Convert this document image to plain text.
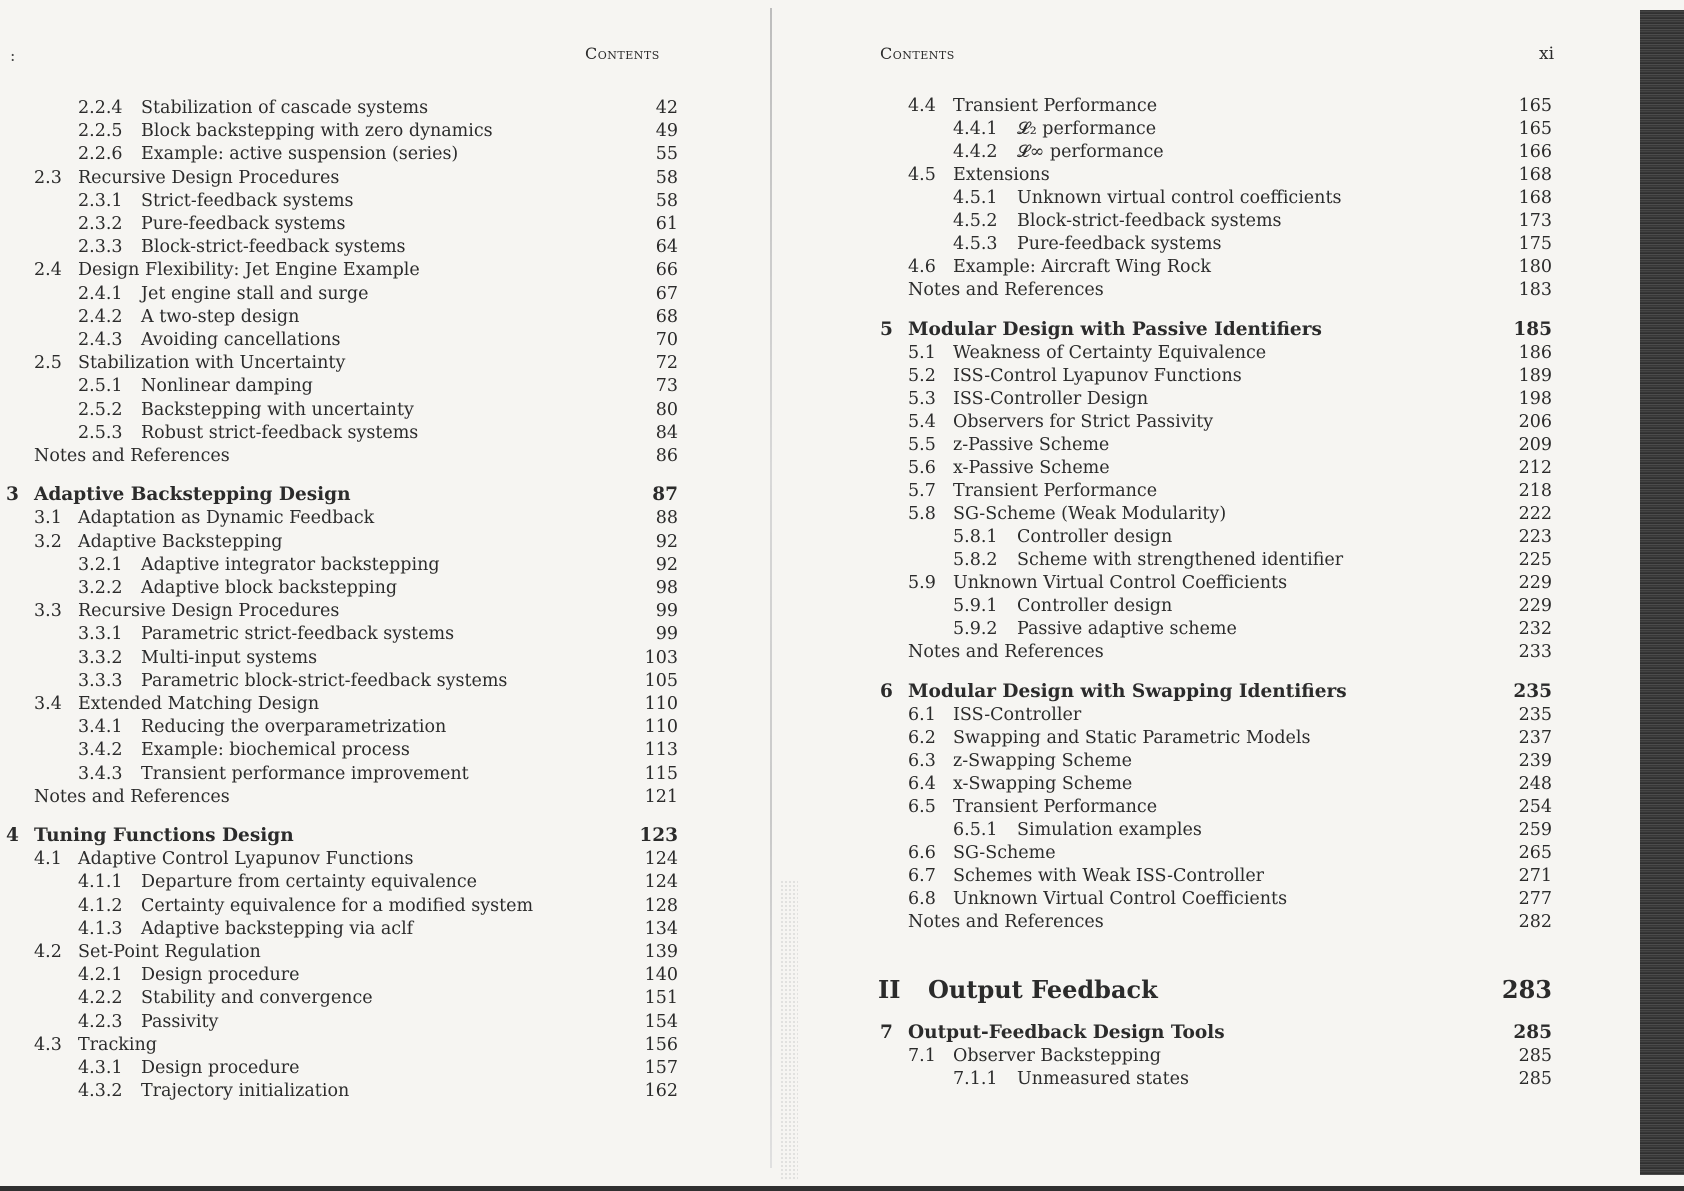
:	Contents
2.2.4 Stabilization of cascade systems	42
2.2.5 Block backstepping with zero dynamics	49
2.2.6 Example: active suspension (series)	55
2.3 Recursive Design Procedures	58
2.3.1 Strict-feedback systems	58
2.3.2 Pure-feedback systems	61
2.3.3 Block-strict-feedback systems	64
2.4 Design Flexibility: Jet Engine Example	66
2.4.1 Jet engine stall and surge	67
2.4.2 A two-step design	68
2.4.3 Avoiding cancellations	70
2.5 Stabilization with Uncertainty	72
2.5.1 Nonlinear damping	73
2.5.2 Backstepping with uncertainty	80
2.5.3 Robust strict-feedback systems	84
Notes and References	86
3 Adaptive Backstepping Design	87
3.1 Adaptation as Dynamic Feedback	88
3.2 Adaptive Backstepping	92
3.2.1 Adaptive integrator backstepping	92
3.2.2 Adaptive block backstepping	98
3.3 Recursive Design Procedures	99
3.3.1 Parametric strict-feedback systems	99
3.3.2 Multi-input systems	103
3.3.3 Parametric block-strict-feedback systems	105
3.4 Extended Matching Design	110
3.4.1 Reducing the overparametrization	110
3.4.2 Example: biochemical process	113
3.4.3 Transient performance improvement	115
Notes and References	121
4 Tuning Functions Design	123
4.1 Adaptive Control Lyapunov Functions	124
4.1.1 Departure from certainty equivalence	124
4.1.2 Certainty equivalence for a modified system	128
4.1.3 Adaptive backstepping via aclf	134
4.2 Set-Point Regulation	139
4.2.1 Design procedure	140
4.2.2 Stability and convergence	151
4.2.3 Passivity	154
4.3 Tracking	156
4.3.1 Design procedure	157
4.3.2 Trajectory initialization	162
Contents	xi
4.4 Transient Performance	165
4.4.1 𝓛₂ performance	165
4.4.2 𝓛∞ performance	166
4.5 Extensions	168
4.5.1 Unknown virtual control coefficients	168
4.5.2 Block-strict-feedback systems	173
4.5.3 Pure-feedback systems	175
4.6 Example: Aircraft Wing Rock	180
Notes and References	183
5 Modular Design with Passive Identifiers	185
5.1 Weakness of Certainty Equivalence	186
5.2 ISS-Control Lyapunov Functions	189
5.3 ISS-Controller Design	198
5.4 Observers for Strict Passivity	206
5.5 z-Passive Scheme	209
5.6 x-Passive Scheme	212
5.7 Transient Performance	218
5.8 SG-Scheme (Weak Modularity)	222
5.8.1 Controller design	223
5.8.2 Scheme with strengthened identifier	225
5.9 Unknown Virtual Control Coefficients	229
5.9.1 Controller design	229
5.9.2 Passive adaptive scheme	232
Notes and References	233
6 Modular Design with Swapping Identifiers	235
6.1 ISS-Controller	235
6.2 Swapping and Static Parametric Models	237
6.3 z-Swapping Scheme	239
6.4 x-Swapping Scheme	248
6.5 Transient Performance	254
6.5.1 Simulation examples	259
6.6 SG-Scheme	265
6.7 Schemes with Weak ISS-Controller	271
6.8 Unknown Virtual Control Coefficients	277
Notes and References	282
II Output Feedback	283
7 Output-Feedback Design Tools	285
7.1 Observer Backstepping	285
7.1.1 Unmeasured states	285
